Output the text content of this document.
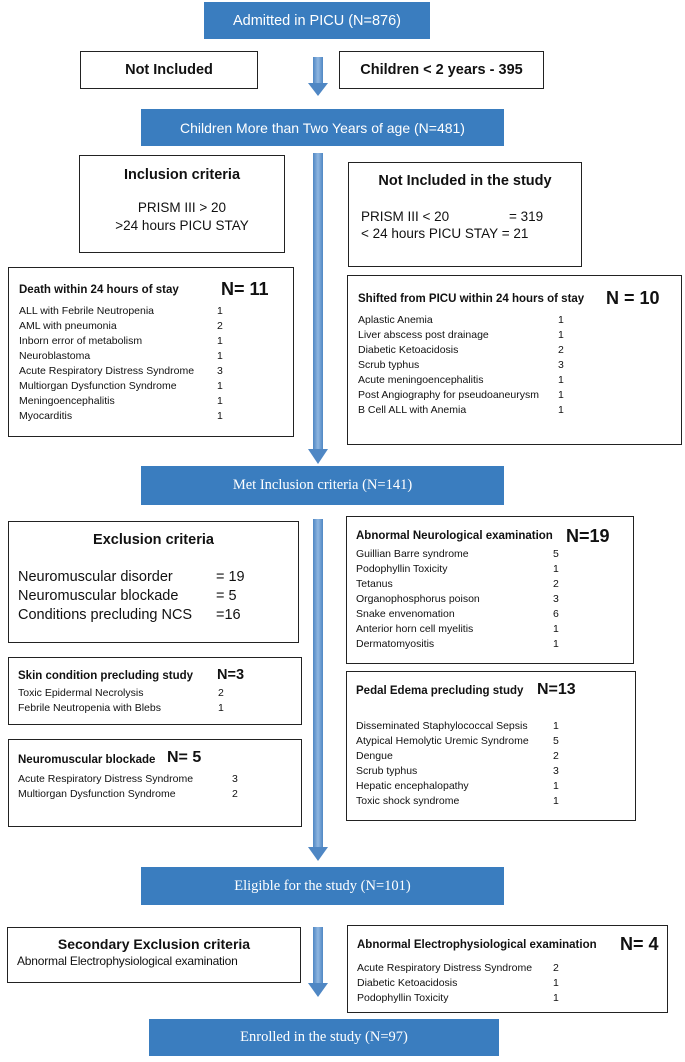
Admitted in PICU (N=876)
Not Included	Children < 2 years - 395
Children More than Two Years of age (N=481)
Inclusion criteria
PRISM III > 20
>24 hours PICU STAY
Not Included in the study
PRISM III < 20	= 319
< 24 hours PICU STAY = 21
Death within 24 hours of stay N= 11
ALL with Febrile Neutropenia	1
AML with pneumonia	2
Inborn error of metabolism	1
Neuroblastoma	1
Acute Respiratory Distress Syndrome 3
Multiorgan Dysfunction Syndrome	1
Meningoencephalitis	1
Myocarditis	1
Shifted from PICU within 24 hours of stay N = 10
Aplastic Anemia	1
Liver abscess post drainage	1
Diabetic Ketoacidosis	2
Scrub typhus	3
Acute meningoencephalitis	1
Post Angiography for pseudoaneurysm 1
B Cell ALL with Anemia	1
Met Inclusion criteria (N=141)
Exclusion criteria
Neuromuscular disorder	= 19
Neuromuscular blockade	= 5
Conditions precluding NCS =16
Abnormal Neurological examination N=19
Guillian Barre syndrome	5
Podophyllin Toxicity	1
Tetanus	2
Organophosphorus poison	3
Snake envenomation	6
Anterior horn cell myelitis	1
Dermatomyositis	1
Skin condition precluding study N=3
Toxic Epidermal Necrolysis	2
Febrile Neutropenia with Blebs	1
Pedal Edema precluding study N=13
Disseminated Staphylococcal Sepsis 1
Atypical Hemolytic Uremic Syndrome 5
Dengue	2
Scrub typhus	3
Hepatic encephalopathy	1
Toxic shock syndrome	1
Neuromuscular blockade N= 5
Acute Respiratory Distress Syndrome	3
Multiorgan Dysfunction Syndrome	2
Eligible for the study (N=101)
Secondary Exclusion criteria
Abnormal Electrophysiological examination
Abnormal Electrophysiological examination N= 4
Acute Respiratory Distress Syndrome 2
Diabetic Ketoacidosis	1
Podophyllin Toxicity	1
Enrolled in the study (N=97)
